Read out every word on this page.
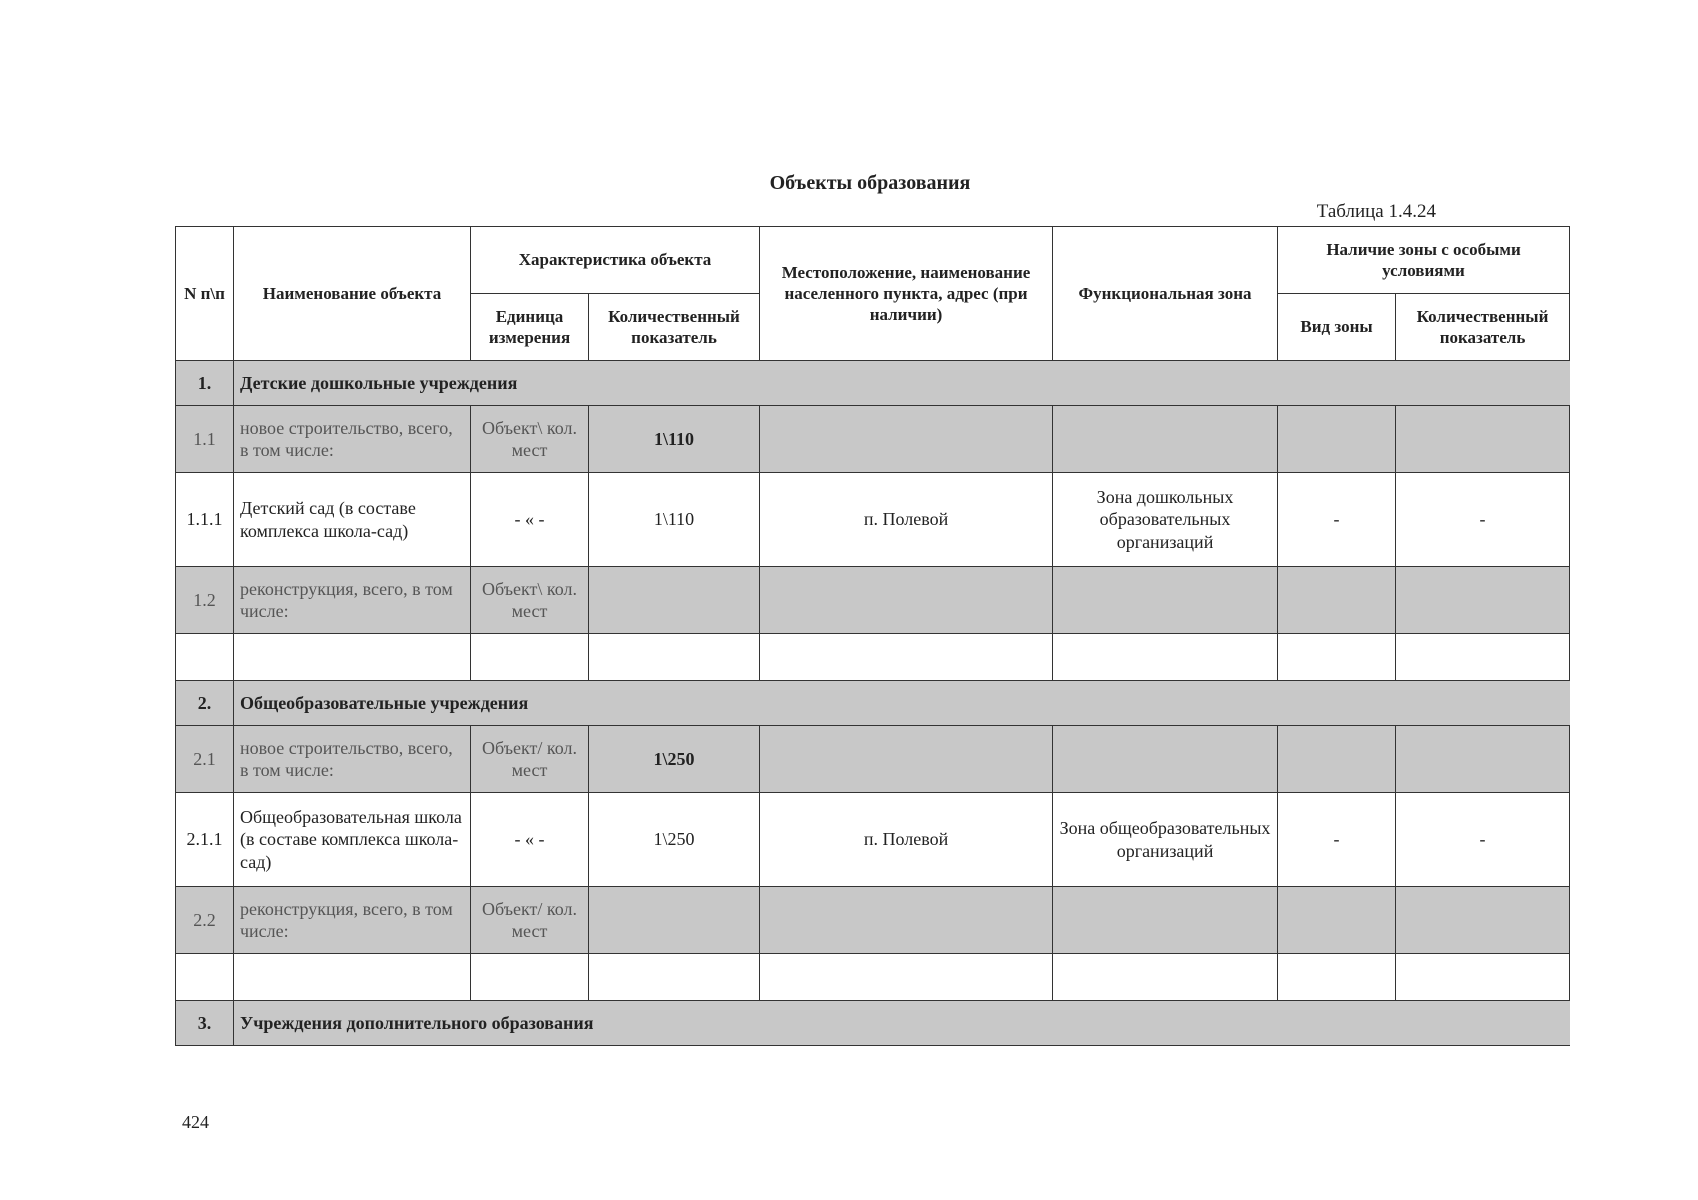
Объекты образования
Таблица 1.4.24
N п\п	Наименование объекта	Характеристика объекта		Местоположение, наименование населенного пункта, адрес (при наличии)	Функциональная зона	Наличие зоны с особыми условиями	
		Единица измерения	Количественный показатель			Вид зоны	Количественный показатель
1.	Детские дошкольные учреждения						
1.1	новое строительство, всего, в том числе:	Объект\ кол. мест	1\110				
1.1.1	Детский сад (в составе комплекса школа-сад)	- « -	1\110	п. Полевой	Зона дошкольных образовательных организаций	-	-
1.2	реконструкция, всего, в том числе:	Объект\ кол. мест					

2.	Общеобразовательные учреждения						
2.1	новое строительство, всего, в том числе:	Объект/ кол. мест	1\250				
2.1.1	Общеобразовательная школа (в составе комплекса школа-сад)	- « -	1\250	п. Полевой	Зона общеобразовательных организаций	-	-
2.2	реконструкция, всего, в том числе:	Объект/ кол. мест					

3.	Учреждения дополнительного образования						
424
